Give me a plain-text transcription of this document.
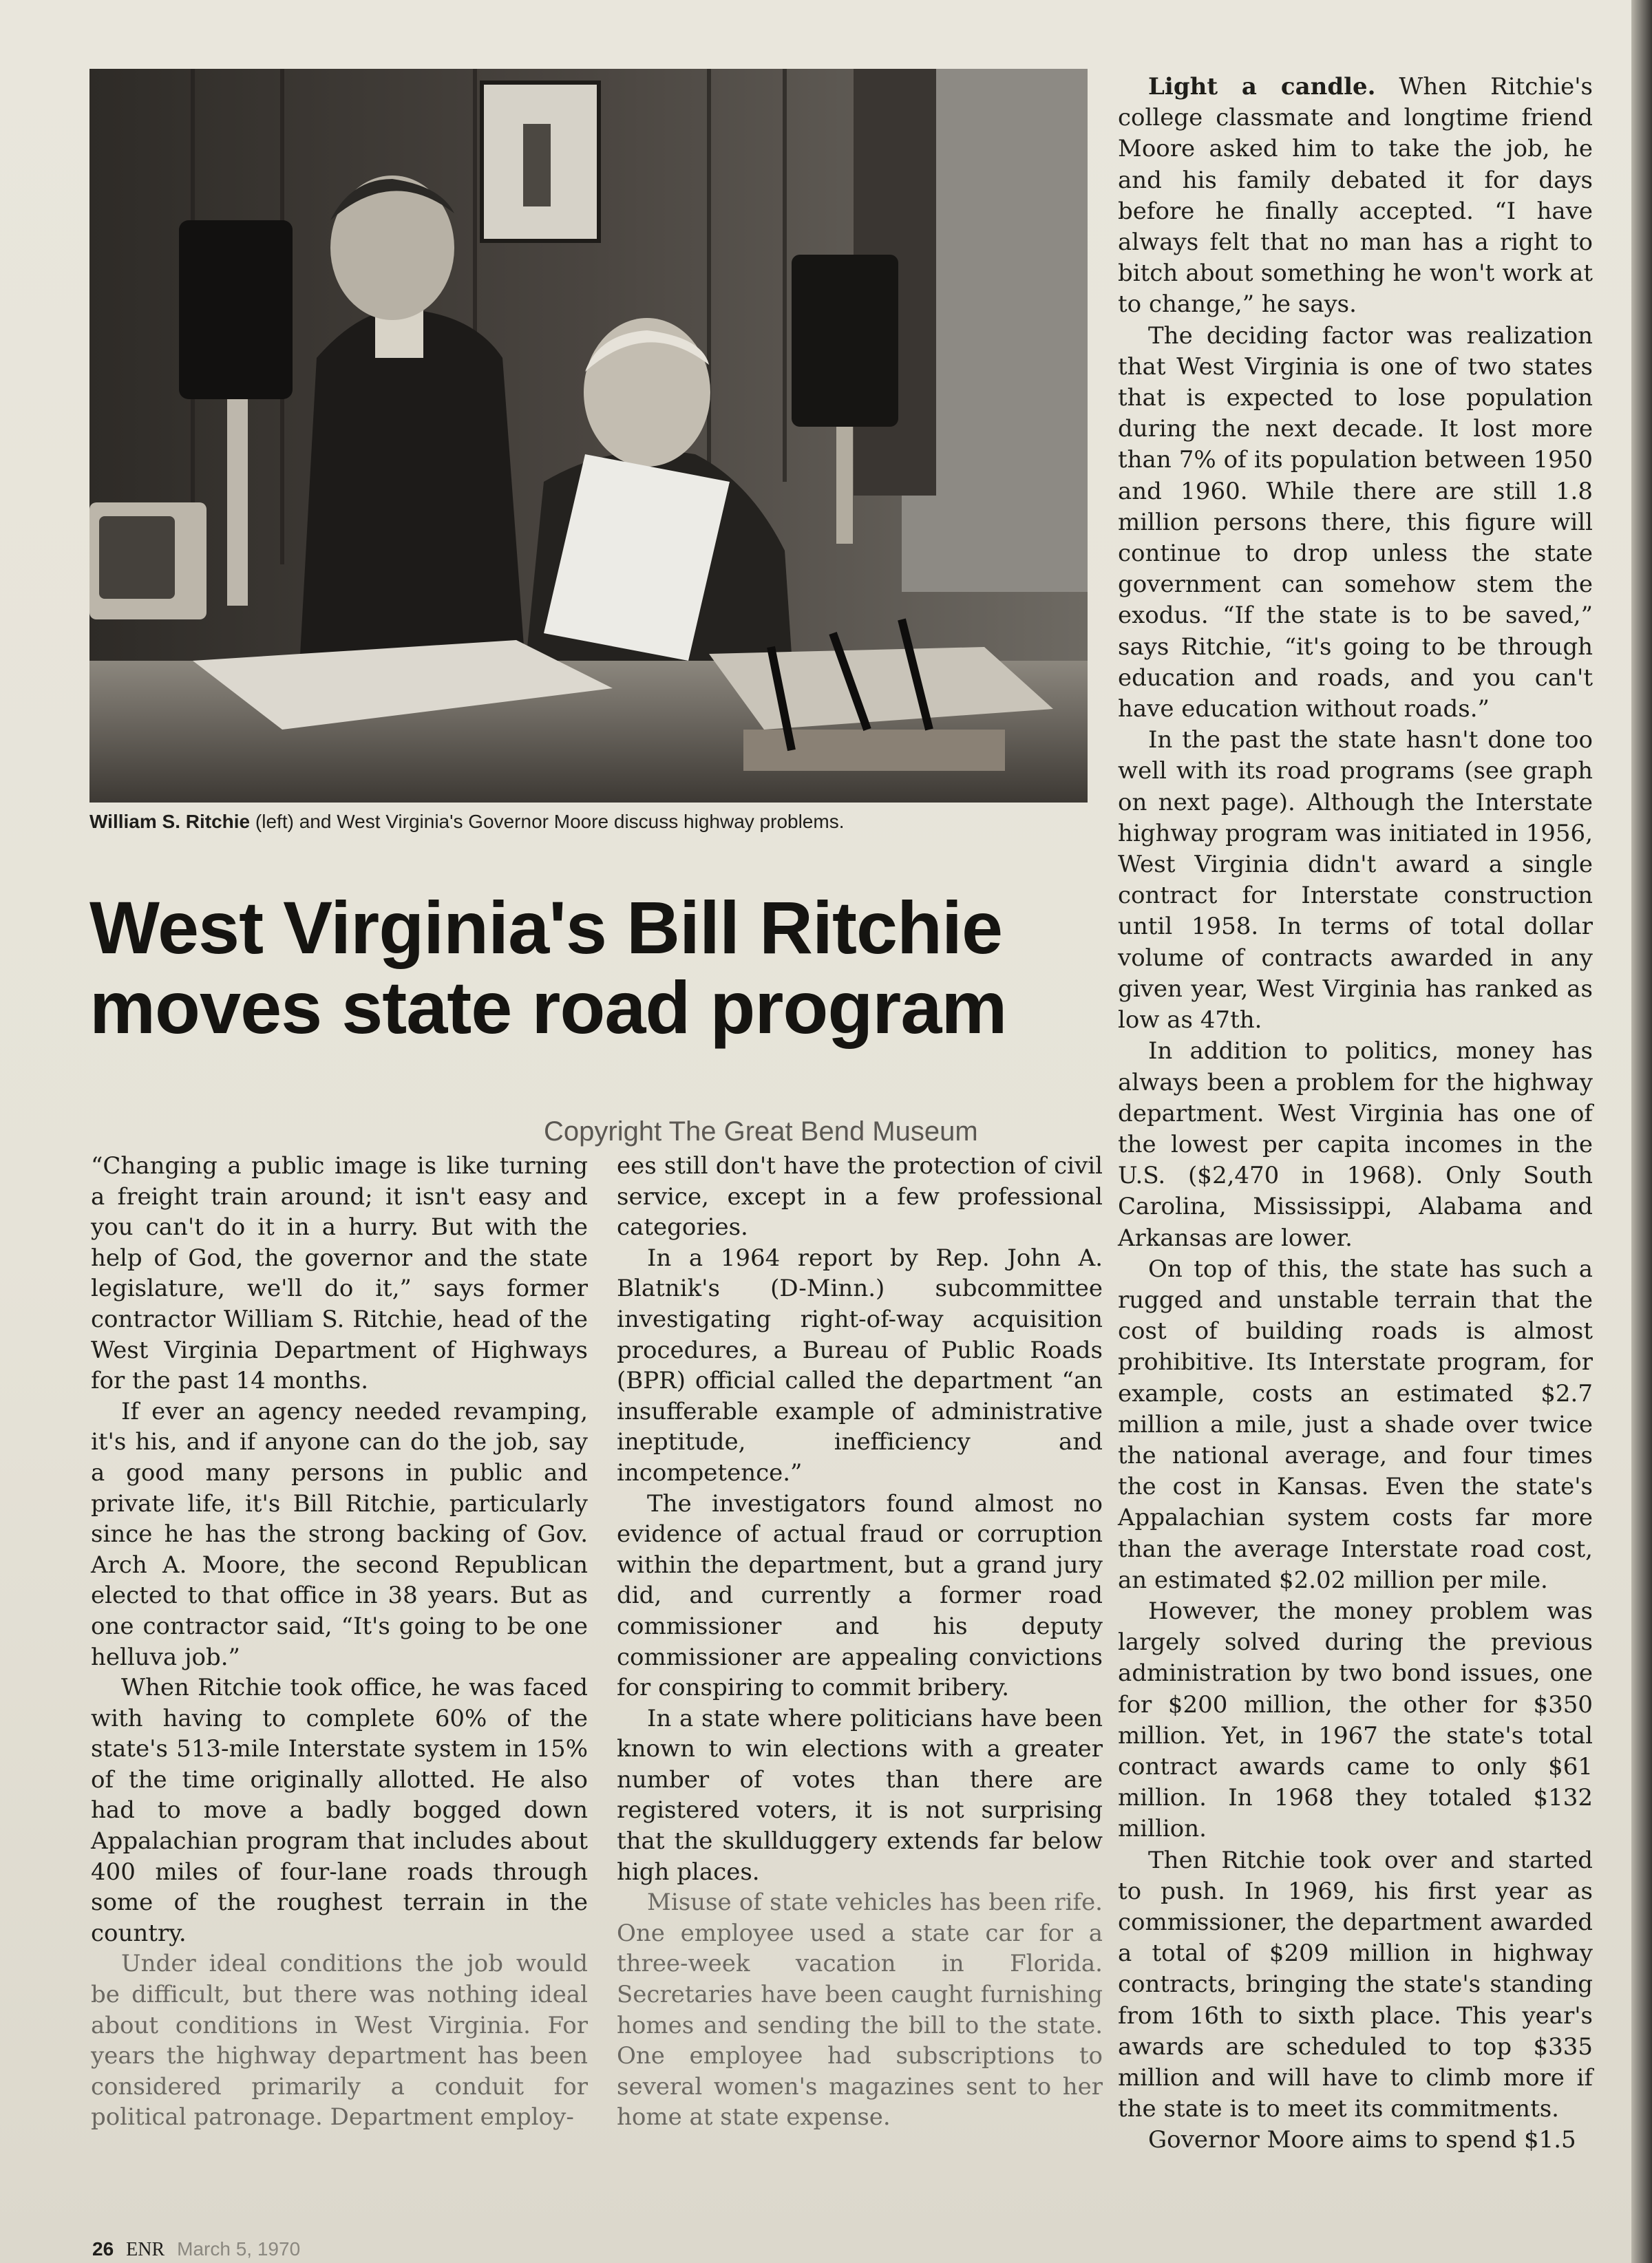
William S. Ritchie (left) and West Virginia's Governor Moore discuss highway problems.
West Virginia's Bill Ritchie
moves state road program
Copyright The Great Bend Museum

“Changing a public image is like turning a freight train around; it isn't easy and you can't do it in a hurry. But with the help of God, the governor and the state legislature, we'll do it,” says former contractor William S. Ritchie, head of the West Virginia Department of Highways for the past 14 months.

If ever an agency needed revamping, it's his, and if anyone can do the job, say a good many persons in public and private life, it's Bill Ritchie, particularly since he has the strong backing of Gov. Arch A. Moore, the second Republican elected to that office in 38 years. But as one contractor said, “It's going to be one helluva job.”

When Ritchie took office, he was faced with having to complete 60% of the state's 513-mile Interstate system in 15% of the time originally allotted. He also had to move a badly bogged down Appalachian program that includes about 400 miles of four-lane roads through some of the roughest terrain in the country.

Under ideal conditions the job would be difficult, but there was nothing ideal about conditions in West Virginia. For years the highway department has been considered primarily a conduit for political patronage. Department employ-

ees still don't have the protection of civil service, except in a few professional categories.

In a 1964 report by Rep. John A. Blatnik's (D-Minn.) subcommittee investigating right-of-way acquisition procedures, a Bureau of Public Roads (BPR) official called the department “an insufferable example of administrative ineptitude, inefficiency and incompetence.”

The investigators found almost no evidence of actual fraud or corruption within the department, but a grand jury did, and currently a former road commissioner and his deputy commissioner are appealing convictions for conspiring to commit bribery.

In a state where politicians have been known to win elections with a greater number of votes than there are registered voters, it is not surprising that the skullduggery extends far below high places.

Misuse of state vehicles has been rife. One employee used a state car for a three-week vacation in Florida. Secretaries have been caught furnishing homes and sending the bill to the state. One employee had subscriptions to several women's magazines sent to her home at state expense.

Light a candle. When Ritchie's college classmate and longtime friend Moore asked him to take the job, he and his family debated it for days before he finally accepted. “I have always felt that no man has a right to bitch about something he won't work at to change,” he says.

The deciding factor was realization that West Virginia is one of two states that is expected to lose population during the next decade. It lost more than 7% of its population between 1950 and 1960. While there are still 1.8 million persons there, this figure will continue to drop unless the state government can somehow stem the exodus. “If the state is to be saved,” says Ritchie, “it's going to be through education and roads, and you can't have education without roads.”

In the past the state hasn't done too well with its road programs (see graph on next page). Although the Interstate highway program was initiated in 1956, West Virginia didn't award a single contract for Interstate construction until 1958. In terms of total dollar volume of contracts awarded in any given year, West Virginia has ranked as low as 47th.

In addition to politics, money has always been a problem for the highway department. West Virginia has one of the lowest per capita incomes in the U.S. ($2,470 in 1968). Only South Carolina, Mississippi, Alabama and Arkansas are lower.

On top of this, the state has such a rugged and unstable terrain that the cost of building roads is almost prohibitive. Its Interstate program, for example, costs an estimated $2.7 million a mile, just a shade over twice the national average, and four times the cost in Kansas. Even the state's Appalachian system costs far more than the average Interstate road cost, an estimated $2.02 million per mile.

However, the money problem was largely solved during the previous administration by two bond issues, one for $200 million, the other for $350 million. Yet, in 1967 the state's total contract awards came to only $61 million. In 1968 they totaled $132 million.

Then Ritchie took over and started to push. In 1969, his first year as commissioner, the department awarded a total of $209 million in highway contracts, bringing the state's standing from 16th to sixth place. This year's awards are scheduled to top $335 million and will have to climb more if the state is to meet its commitments.

Governor Moore aims to spend $1.5

26 ENR March 5, 1970
